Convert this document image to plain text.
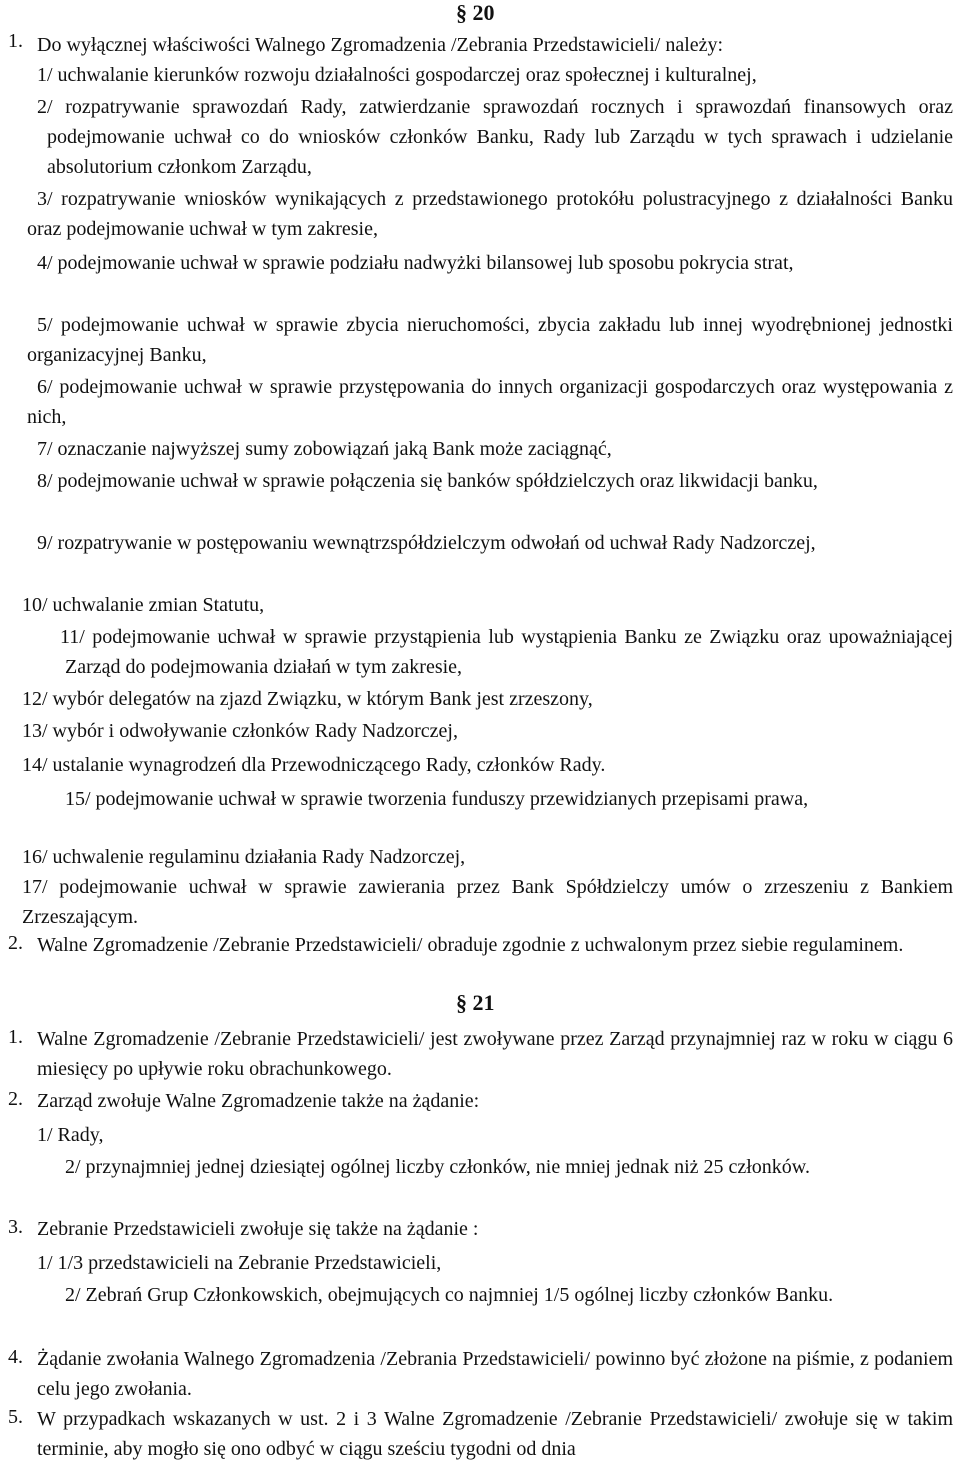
§ 20
1. Do wyłącznej właściwości Walnego Zgromadzenia /Zebrania Przedstawicieli/ należy:
1/ uchwalanie kierunków rozwoju działalności gospodarczej oraz społecznej i kulturalnej,
2/ rozpatrywanie sprawozdań Rady, zatwierdzanie sprawozdań rocznych i sprawozdań finansowych oraz podejmowanie uchwał co do wniosków członków Banku, Rady lub Zarządu w tych sprawach i udzielanie absolutorium członkom Zarządu,
3/ rozpatrywanie wniosków wynikających z przedstawionego protokółu polustracyjnego z działalności Banku oraz podejmowanie uchwał w tym zakresie,
4/ podejmowanie uchwał w sprawie podziału nadwyżki bilansowej lub sposobu pokrycia strat,
5/ podejmowanie uchwał w sprawie zbycia nieruchomości, zbycia zakładu lub innej wyodrębnionej jednostki organizacyjnej Banku,
6/ podejmowanie uchwał w sprawie przystępowania do innych organizacji gospodarczych oraz występowania z nich,
7/ oznaczanie najwyższej sumy zobowiązań jaką Bank może zaciągnąć,
8/ podejmowanie uchwał w sprawie połączenia się banków spółdzielczych oraz likwidacji banku,
9/ rozpatrywanie w postępowaniu wewnątrzspółdzielczym odwołań od uchwał Rady Nadzorczej,
10/ uchwalanie zmian Statutu,
11/ podejmowanie uchwał w sprawie przystąpienia lub wystąpienia Banku ze Związku oraz upoważniającej Zarząd do podejmowania działań w tym zakresie,
12/ wybór delegatów na zjazd Związku, w którym Bank jest zrzeszony,
13/ wybór i odwoływanie członków Rady Nadzorczej,
14/ ustalanie wynagrodzeń dla Przewodniczącego Rady, członków Rady.
15/ podejmowanie uchwał w sprawie tworzenia funduszy przewidzianych przepisami prawa,
16/ uchwalenie regulaminu działania Rady Nadzorczej,
17/ podejmowanie uchwał w sprawie zawierania przez Bank Spółdzielczy umów o zrzeszeniu z Bankiem Zrzeszającym.
2. Walne Zgromadzenie /Zebranie Przedstawicieli/ obraduje zgodnie z uchwalonym przez siebie regulaminem.
§ 21
1. Walne Zgromadzenie /Zebranie Przedstawicieli/ jest zwoływane przez Zarząd przynajmniej raz w roku w ciągu 6 miesięcy po upływie roku obrachunkowego.
2. Zarząd zwołuje Walne Zgromadzenie także na żądanie:
1/ Rady,
2/ przynajmniej jednej dziesiątej ogólnej liczby członków, nie mniej jednak niż 25 członków.
3. Zebranie Przedstawicieli zwołuje się także na żądanie :
1/ 1/3 przedstawicieli na Zebranie Przedstawicieli,
2/ Zebrań Grup Członkowskich, obejmujących co najmniej 1/5 ogólnej liczby członków Banku.
4. Żądanie zwołania Walnego Zgromadzenia /Zebrania Przedstawicieli/ powinno być złożone na piśmie, z podaniem celu jego zwołania.
5. W przypadkach wskazanych w ust. 2 i 3 Walne Zgromadzenie /Zebranie Przedstawicieli/ zwołuje się w takim terminie, aby mogło się ono odbyć w ciągu sześciu tygodni od dnia
